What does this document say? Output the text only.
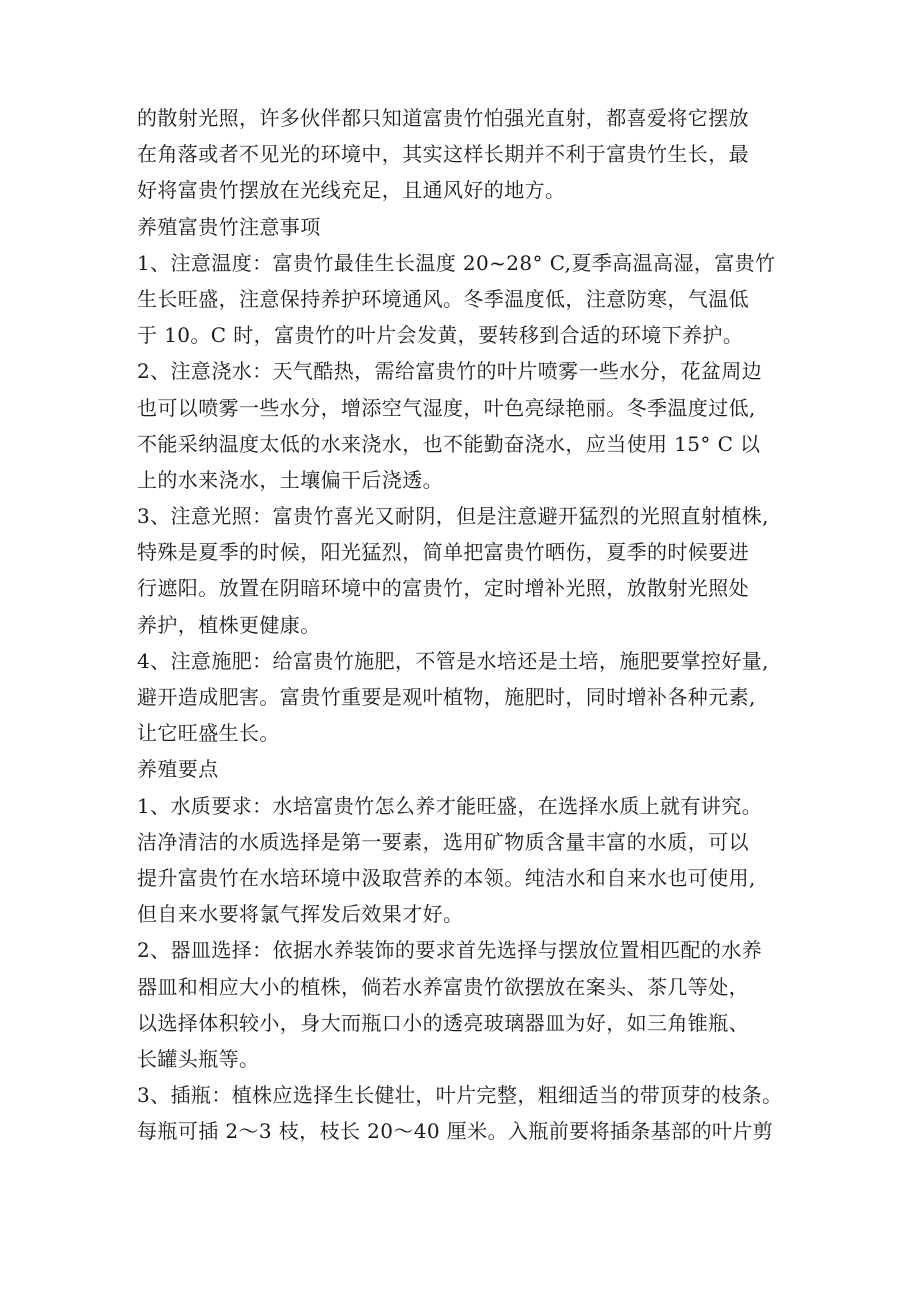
的散射光照，许多伙伴都只知道富贵竹怕强光直射，都喜爱将它摆放
在角落或者不见光的环境中，其实这样长期并不利于富贵竹生长，最
好将富贵竹摆放在光线充足，且通风好的地方。
养殖富贵竹注意事项
1、注意温度：富贵竹最佳生长温度 20~28° C,夏季高温高湿，富贵竹
生长旺盛，注意保持养护环境通风。冬季温度低，注意防寒，气温低
于 10。C 时，富贵竹的叶片会发黄，要转移到合适的环境下养护。
2、注意浇水：天气酷热，需给富贵竹的叶片喷雾一些水分，花盆周边
也可以喷雾一些水分，增添空气湿度，叶色亮绿艳丽。冬季温度过低,
不能采纳温度太低的水来浇水，也不能勤奋浇水，应当使用 15° C 以
上的水来浇水，土壤偏干后浇透。
3、注意光照：富贵竹喜光又耐阴，但是注意避开猛烈的光照直射植株,
特殊是夏季的时候，阳光猛烈，简单把富贵竹晒伤，夏季的时候要进
行遮阳。放置在阴暗环境中的富贵竹，定时增补光照，放散射光照处
养护，植株更健康。
4、注意施肥：给富贵竹施肥，不管是水培还是土培，施肥要掌控好量,
避开造成肥害。富贵竹重要是观叶植物，施肥时，同时增补各种元素,
让它旺盛生长。
养殖要点
1、水质要求：水培富贵竹怎么养才能旺盛，在选择水质上就有讲究。
洁净清洁的水质选择是第一要素，选用矿物质含量丰富的水质，可以
提升富贵竹在水培环境中汲取营养的本领。纯洁水和自来水也可使用,
但自来水要将氯气挥发后效果才好。
2、器皿选择：依据水养装饰的要求首先选择与摆放位置相匹配的水养
器皿和相应大小的植株，倘若水养富贵竹欲摆放在案头、茶几等处，
以选择体积较小，身大而瓶口小的透亮玻璃器皿为好，如三角锥瓶、
长罐头瓶等。
3、插瓶：植株应选择生长健壮，叶片完整，粗细适当的带顶芽的枝条。
每瓶可插 2～3 枝，枝长 20～40 厘米。入瓶前要将插条基部的叶片剪
